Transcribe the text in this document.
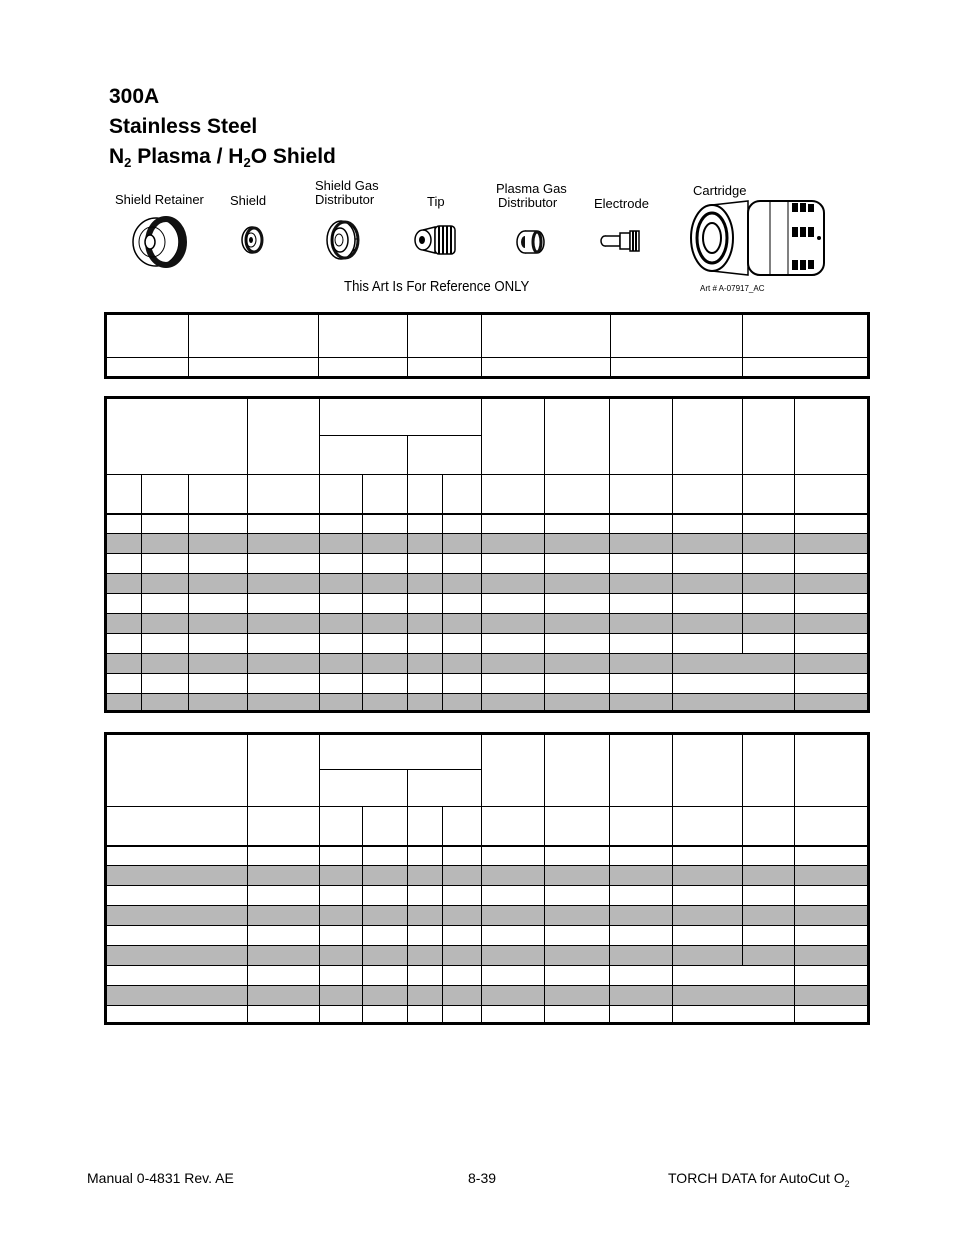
300A
Stainless Steel
$N_2$ Plasma / $H_2O$ Shield
Shield Retainer Shield
Shield Gas
Distributor	Tip
Plasma Gas
Distributor	Electrode
Cartridge
This Art Is For Reference ONLY	Art # A-07917_AC

Manual 0-4831 Rev. AE	8-39	TORCH DATA for AutoCut $O_2$
